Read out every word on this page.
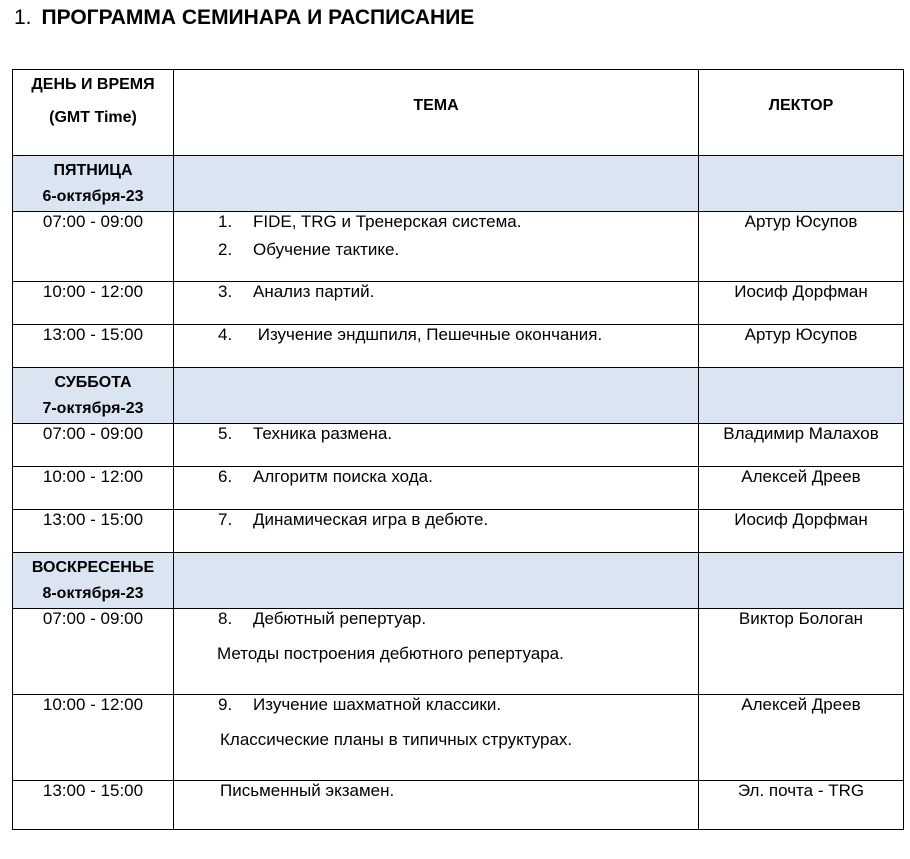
1. ПРОГРАММА СЕМИНАРА И РАСПИСАНИЕ
ДЕНЬ И ВРЕМЯ
(GMT Time)	ТЕМА	ЛЕКТОР

ПЯТНИЦА
6-октября-23		

07:00 - 09:00	1. FIDE, TRG и Тренерская система.
2. Обучение тактике.	Артур Юсупов
10:00 - 12:00	3. Анализ партий.	Иосиф Дорфман
13:00 - 15:00	4. Изучение эндшпиля, Пешечные окончания.	Артур Юсупов

СУББОТА
7-октября-23		

07:00 - 09:00	5. Техника размена.	Владимир Малахов
10:00 - 12:00	6. Алгоритм поиска хода.	Алексей Дреев
13:00 - 15:00	7. Динамическая игра в дебюте.	Иосиф Дорфман

ВОСКРЕСЕНЬЕ
8-октября-23		

07:00 - 09:00	8. Дебютный репертуар.
Методы построения дебютного репертуара.	Виктор Бологан
10:00 - 12:00	9. Изучение шахматной классики.
Классические планы в типичных структурах.	Алексей Дреев
13:00 - 15:00	Письменный экзамен.	Эл. почта - TRG
